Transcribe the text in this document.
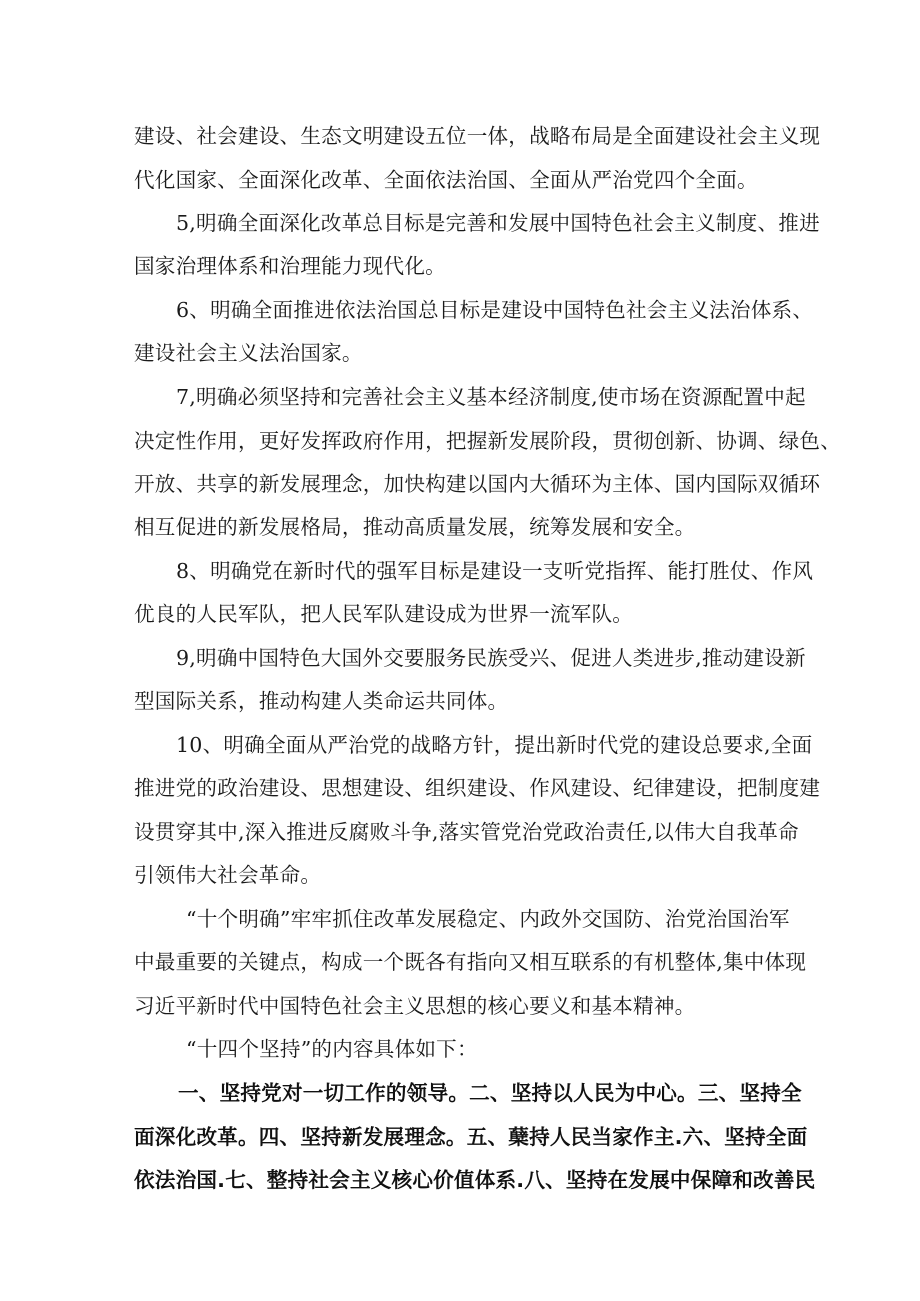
建设、社会建设、生态文明建设五位一体，战略布局是全面建设社会主义现

代化国家、全面深化改革、全面依法治国、全面从严治党四个全面。

5,明确全面深化改革总目标是完善和发展中国特色社会主义制度、推进

国家治理体系和治理能力现代化。

6、明确全面推进依法治国总目标是建设中国特色社会主义法治体系、

建设社会主义法治国家。

7,明确必须坚持和完善社会主义基本经济制度,使市场在资源配置中起

决定性作用，更好发挥政府作用，把握新发展阶段，贯彻创新、协调、绿色、

开放、共享的新发展理念，加快构建以国内大循环为主体、国内国际双循环

相互促进的新发展格局，推动高质量发展，统筹发展和安全。

8、明确党在新时代的强军目标是建设一支听党指挥、能打胜仗、作风

优良的人民军队，把人民军队建设成为世界一流军队。

9,明确中国特色大国外交要服务民族受兴、促进人类进步,推动建设新

型国际关系，推动构建人类命运共同体。

10、明确全面从严治党的战略方针，提出新时代党的建设总要求,全面

推进党的政治建设、思想建设、组织建设、作风建设、纪律建设，把制度建

设贯穿其中,深入推进反腐败斗争,落实管党治党政治责任,以伟大自我革命

引领伟大社会革命。

“十个明确”牢牢抓住改革发展稳定、内政外交国防、治党治国治军

中最重要的关键点，构成一个既各有指向又相互联系的有机整体,集中体现

习近平新时代中国特色社会主义思想的核心要义和基本精神。

“十四个坚持”的内容具体如下：

一、坚持党对一切工作的领导。二、坚持以人民为中心。三、坚持全

面深化改革。四、坚持新发展理念。五、蘖持人民当家作主.六、坚持全面

依法治国.七、整持社会主义核心价值体系.八、坚持在发展中保障和改善民
